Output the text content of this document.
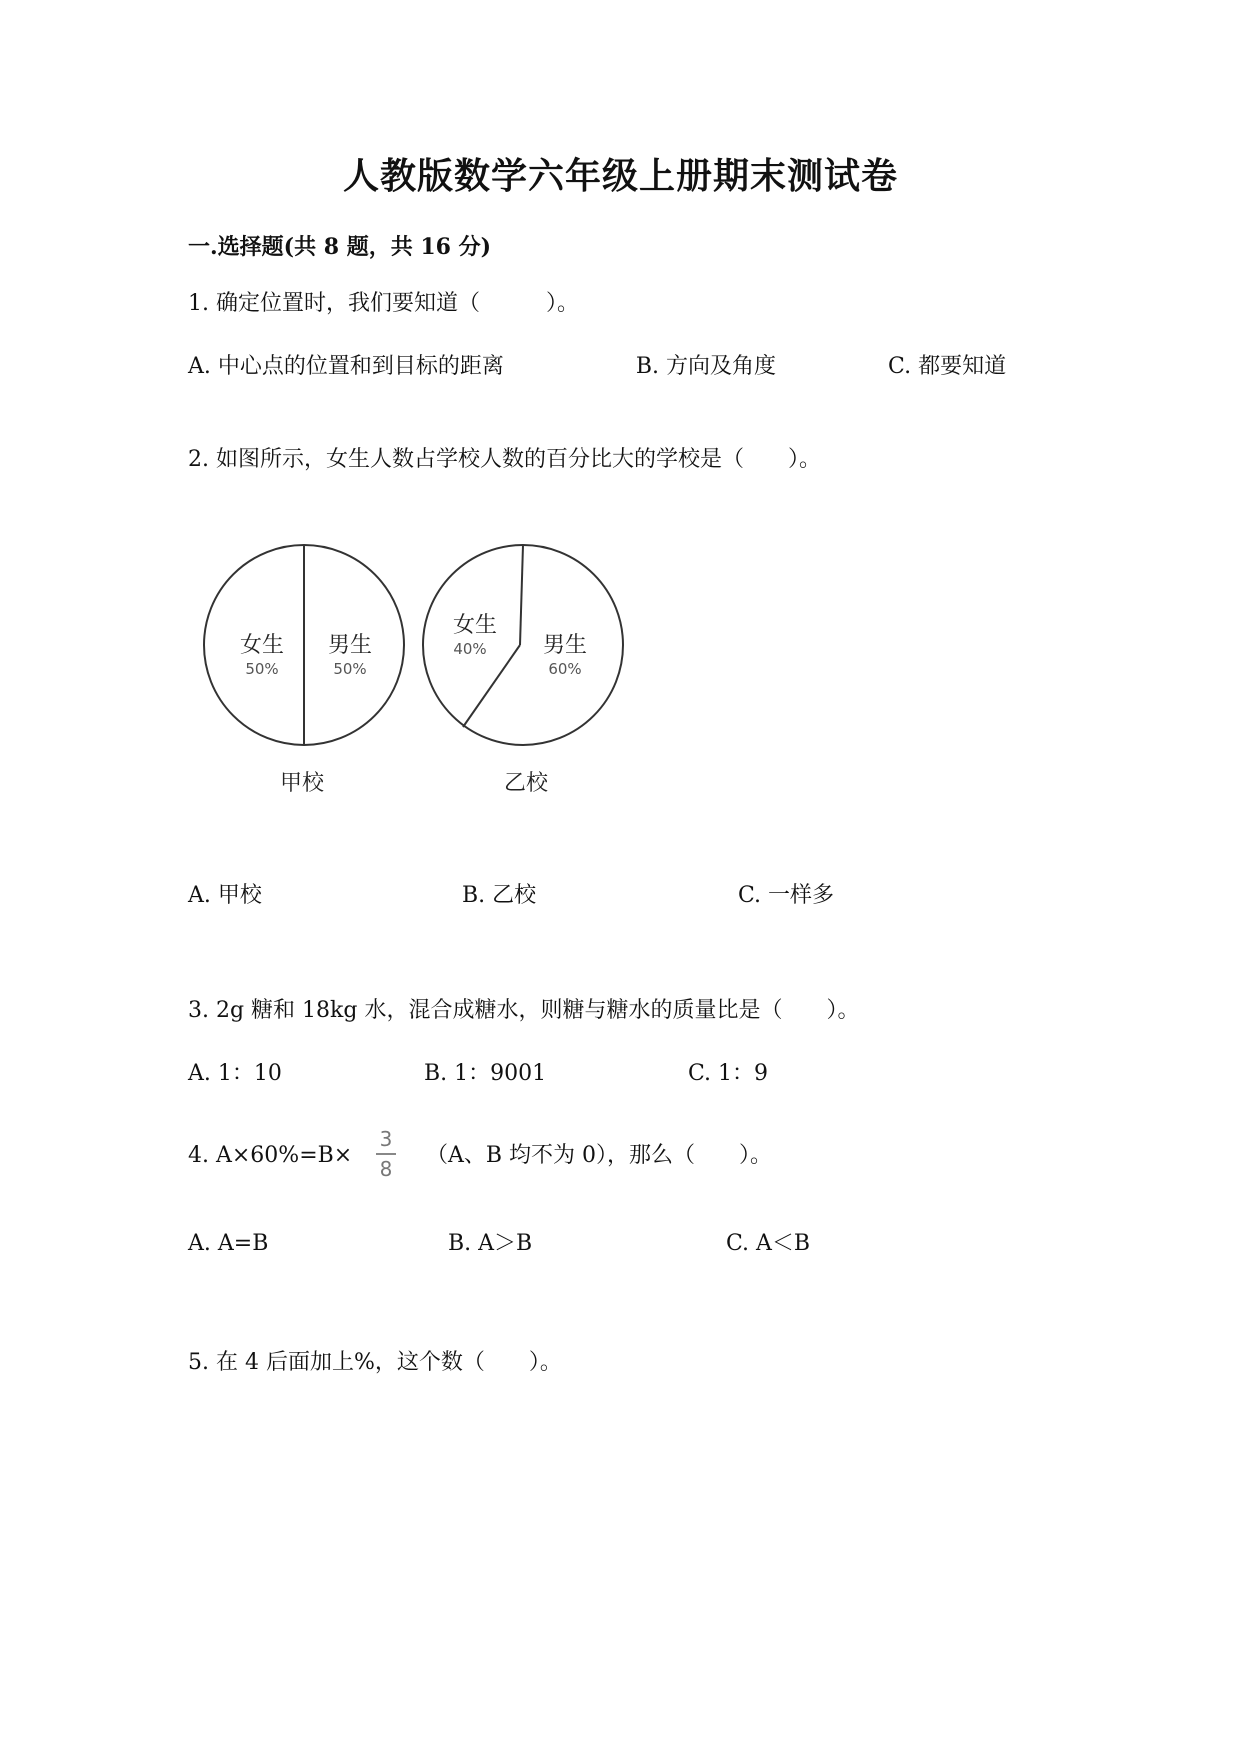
人教版数学六年级上册期末测试卷
一.选择题(共 8 题，共 16 分)
1. 确定位置时，我们要知道（　　　）。
A. 中心点的位置和到目标的距离	B. 方向及角度	C. 都要知道
2. 如图所示，女生人数占学校人数的百分比大的学校是（　　）。
女生
50%
男生
50%
甲校
女生
40%	男生
60%
乙校
A. 甲校	B. 乙校	C. 一样多
3. 2g 糖和 18kg 水，混合成糖水，则糖与糖水的质量比是（　　）。
A. 1：10	B. 1：9001	C. 1：9
4. A×60%=B×
3
8
（A、B 均不为 0），那么（　　）。
A. A=B	B. A＞B	C. A＜B
5. 在 4 后面加上%，这个数（　　）。
